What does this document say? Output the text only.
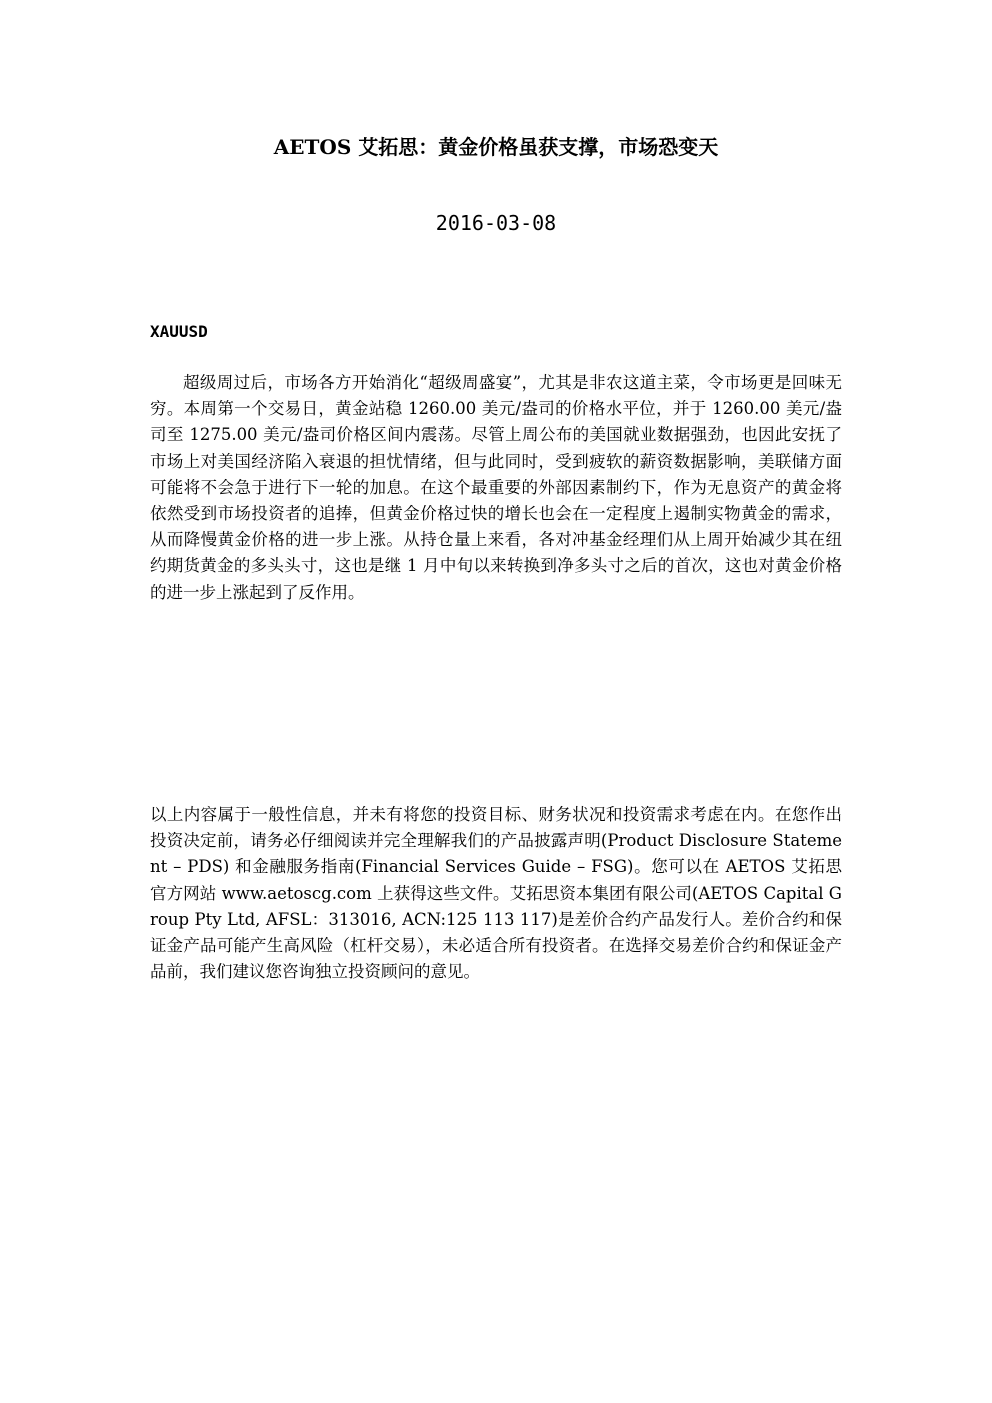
AETOS 艾拓思：黄金价格虽获支撑，市场恐变天
2016-03-08
XAUUSD

超级周过后，市场各方开始消化“超级周盛宴”，尤其是非农这道主菜，令市场更是回味无穷。本周第一个交易日，黄金站稳 1260.00 美元/盎司的价格水平位，并于 1260.00 美元/盎司至 1275.00 美元/盎司价格区间内震荡。尽管上周公布的美国就业数据强劲，也因此安抚了市场上对美国经济陷入衰退的担忧情绪，但与此同时，受到疲软的薪资数据影响，美联储方面可能将不会急于进行下一轮的加息。在这个最重要的外部因素制约下，作为无息资产的黄金将依然受到市场投资者的追捧，但黄金价格过快的增长也会在一定程度上遏制实物黄金的需求，从而降慢黄金价格的进一步上涨。从持仓量上来看，各对冲基金经理们从上周开始减少其在纽约期货黄金的多头头寸，这也是继 1 月中旬以来转换到净多头寸之后的首次，这也对黄金价格的进一步上涨起到了反作用。

以上内容属于一般性信息，并未有将您的投资目标、财务状况和投资需求考虑在内。在您作出投资决定前，请务必仔细阅读并完全理解我们的产品披露声明(Product Disclosure Statement – PDS) 和金融服务指南(Financial Services Guide – FSG)。您可以在 AETOS 艾拓思官方网站 www.aetoscg.com 上获得这些文件。艾拓思资本集团有限公司(AETOS Capital Group Pty Ltd, AFSL：313016, ACN:125 113 117)是差价合约产品发行人。差价合约和保证金产品可能产生高风险（杠杆交易），未必适合所有投资者。在选择交易差价合约和保证金产品前，我们建议您咨询独立投资顾问的意见。
